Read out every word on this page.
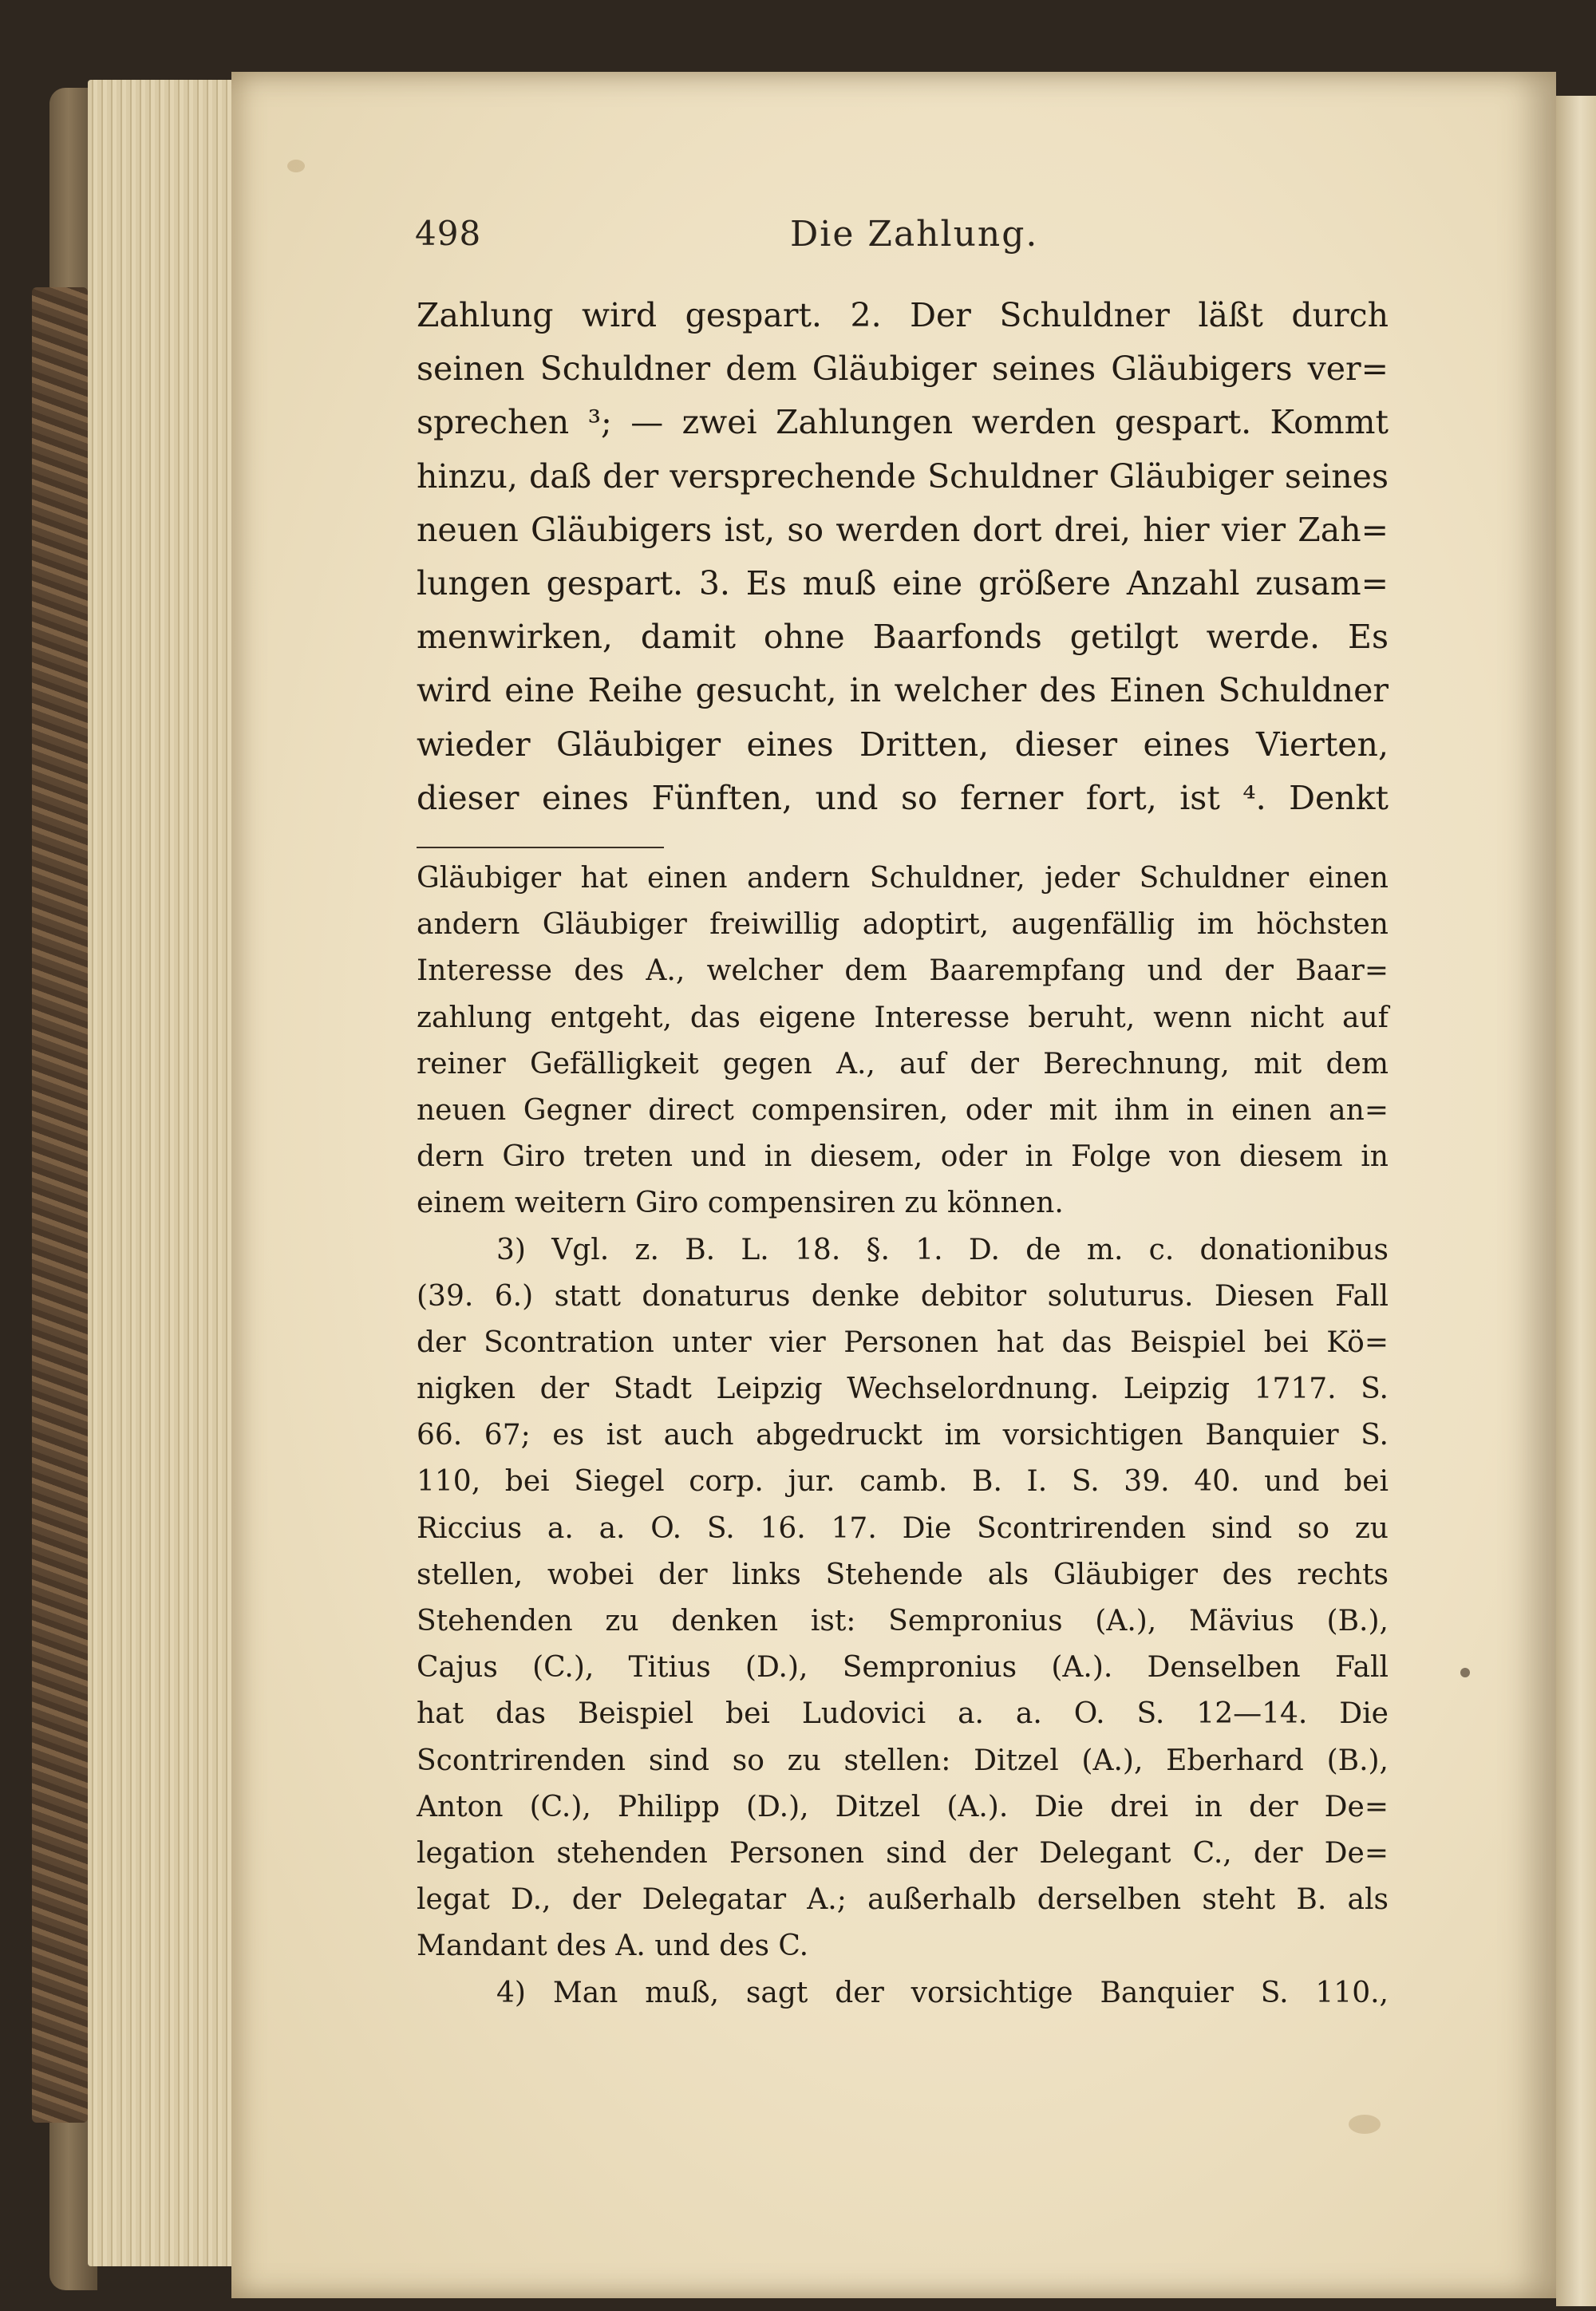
498	Die Zahlung.
Zahlung wird gespart. 2. Der Schuldner läßt durch
seinen Schuldner dem Gläubiger seines Gläubigers ver=
sprechen ³; — zwei Zahlungen werden gespart. Kommt
hinzu, daß der versprechende Schuldner Gläubiger seines
neuen Gläubigers ist, so werden dort drei, hier vier Zah=
lungen gespart. 3. Es muß eine größere Anzahl zusam=
menwirken, damit ohne Baarfonds getilgt werde. Es
wird eine Reihe gesucht, in welcher des Einen Schuldner
wieder Gläubiger eines Dritten, dieser eines Vierten,
dieser eines Fünften, und so ferner fort, ist ⁴. Denkt
Gläubiger hat einen andern Schuldner, jeder Schuldner einen
andern Gläubiger freiwillig adoptirt, augenfällig im höchsten
Interesse des A., welcher dem Baarempfang und der Baar=
zahlung entgeht, das eigene Interesse beruht, wenn nicht auf
reiner Gefälligkeit gegen A., auf der Berechnung, mit dem
neuen Gegner direct compensiren, oder mit ihm in einen an=
dern Giro treten und in diesem, oder in Folge von diesem in
einem weitern Giro compensiren zu können.
3) Vgl. z. B. L. 18. §. 1. D. de m. c. donationibus
(39. 6.) statt donaturus denke debitor soluturus. Diesen Fall
der Scontration unter vier Personen hat das Beispiel bei Kö=
nigken der Stadt Leipzig Wechselordnung. Leipzig 1717. S.
66. 67; es ist auch abgedruckt im vorsichtigen Banquier S.
110, bei Siegel corp. jur. camb. B. I. S. 39. 40. und bei
Riccius a. a. O. S. 16. 17. Die Scontrirenden sind so zu
stellen, wobei der links Stehende als Gläubiger des rechts
Stehenden zu denken ist: Sempronius (A.), Mävius (B.),
Cajus (C.), Titius (D.), Sempronius (A.). Denselben Fall
hat das Beispiel bei Ludovici a. a. O. S. 12—14. Die
Scontrirenden sind so zu stellen: Ditzel (A.), Eberhard (B.),
Anton (C.), Philipp (D.), Ditzel (A.). Die drei in der De=
legation stehenden Personen sind der Delegant C., der De=
legat D., der Delegatar A.; außerhalb derselben steht B. als
Mandant des A. und des C.
4) Man muß, sagt der vorsichtige Banquier S. 110.,
